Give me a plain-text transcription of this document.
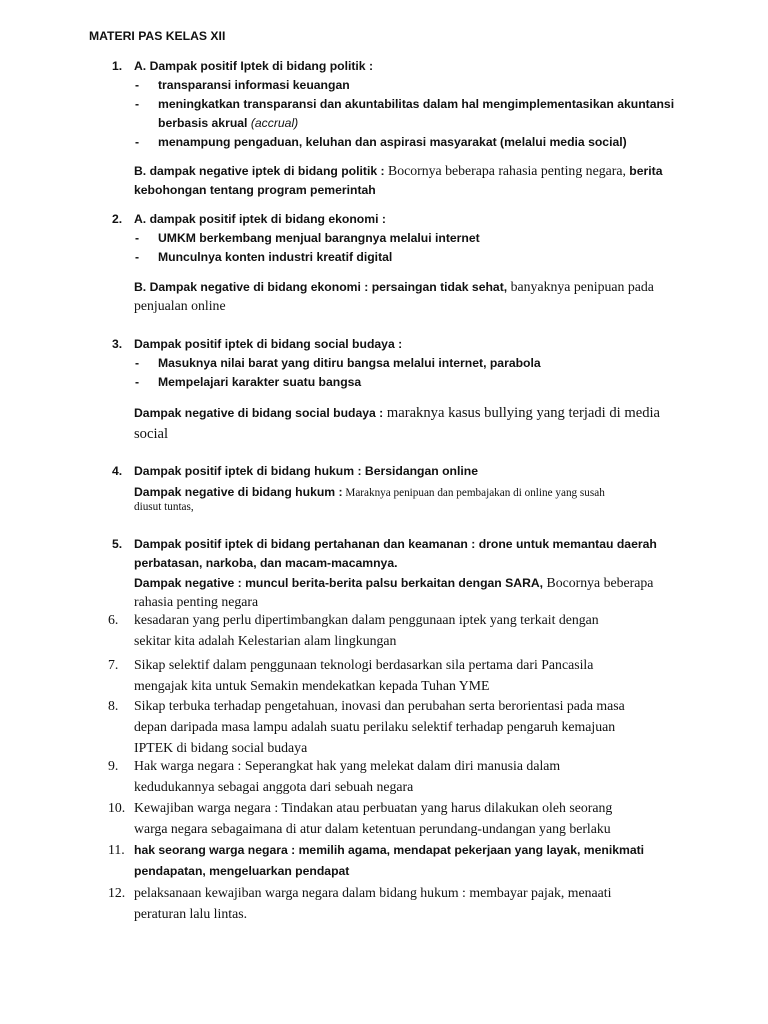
MATERI PAS KELAS XII
1. A. Dampak positif Iptek di bidang politik :
- transparansi informasi keuangan
- meningkatkan transparansi dan akuntabilitas dalam hal mengimplementasikan akuntansi
berbasis akrual (accrual)
- menampung pengaduan, keluhan dan aspirasi masyarakat (melalui media social)
B. dampak negative iptek di bidang politik : Bocornya beberapa rahasia penting negara, berita
kebohongan tentang program pemerintah
2. A. dampak positif iptek di bidang ekonomi :
- UMKM berkembang menjual barangnya melalui internet
- Munculnya konten industri kreatif digital
B. Dampak negative di bidang ekonomi : persaingan tidak sehat, banyaknya penipuan pada
penjualan online
3. Dampak positif iptek di bidang social budaya :
- Masuknya nilai barat yang ditiru bangsa melalui internet, parabola
- Mempelajari karakter suatu bangsa
Dampak negative di bidang social budaya : maraknya kasus bullying yang terjadi di media
social
4. Dampak positif iptek di bidang hukum : Bersidangan online
Dampak negative di bidang hukum : Maraknya penipuan dan pembajakan di online yang susah
diusut tuntas,
5. Dampak positif iptek di bidang pertahanan dan keamanan : drone untuk memantau daerah
perbatasan, narkoba, dan macam-macamnya.
Dampak negative : muncul berita-berita palsu berkaitan dengan SARA, Bocornya beberapa
rahasia penting negara
6. kesadaran yang perlu dipertimbangkan dalam penggunaan iptek yang terkait dengan
sekitar kita adalah Kelestarian alam lingkungan
7. Sikap selektif dalam penggunaan teknologi berdasarkan sila pertama dari Pancasila
mengajak kita untuk Semakin mendekatkan kepada Tuhan YME
8. Sikap terbuka terhadap pengetahuan, inovasi dan perubahan serta berorientasi pada masa
depan daripada masa lampu adalah suatu perilaku selektif terhadap pengaruh kemajuan
IPTEK di bidang social budaya
9. Hak warga negara : Seperangkat hak yang melekat dalam diri manusia dalam
kedudukannya sebagai anggota dari sebuah negara
10. Kewajiban warga negara : Tindakan atau perbuatan yang harus dilakukan oleh seorang
warga negara sebagaimana di atur dalam ketentuan perundang-undangan yang berlaku
11. hak seorang warga negara : memilih agama, mendapat pekerjaan yang layak, menikmati
pendapatan, mengeluarkan pendapat
12. pelaksanaan kewajiban warga negara dalam bidang hukum : membayar pajak, menaati
peraturan lalu lintas.
